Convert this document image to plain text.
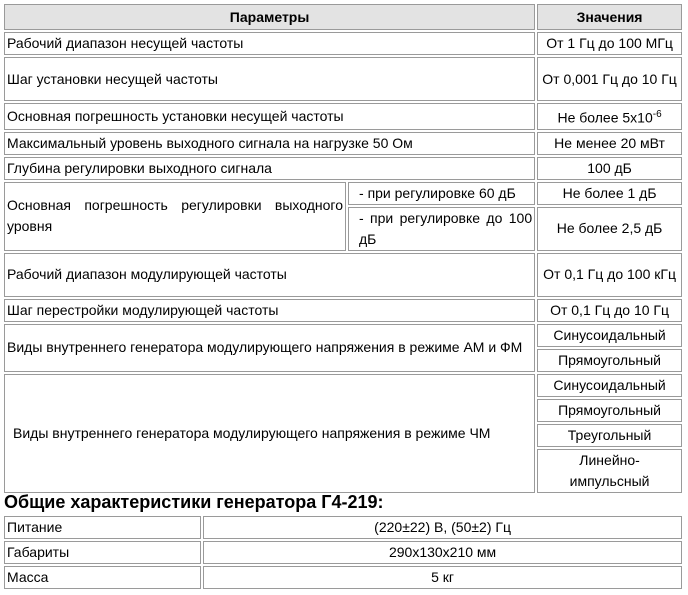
Параметры		Значения
Рабочий диапазон несущей частоты		От 1 Гц до 100 МГц
Шаг установки несущей частоты		От 0,001 Гц до 10 Гц
Основная погрешность установки несущей частоты		Не более $5х10^{-6}$
Максимальный уровень выходного сигнала на нагрузке 50 Ом		Не менее 20 мВт
Глубина регулировки выходного сигнала		100 дБ
Основная погрешность регулировки выходного уровня	- при регулировке 60 дБ	Не более 1 дБ
	- при регулировке до 100 дБ	Не более 2,5 дБ
Рабочий диапазон модулирующей частоты		От 0,1 Гц до 100 кГц
Шаг перестройки модулирующей частоты		От 0,1 Гц до 10 Гц
Виды внутреннего генератора модулирующего напряжения в режиме АМ и ФМ		Синусоидальный
		Прямоугольный
Виды внутреннего генератора модулирующего напряжения в режиме ЧМ		Синусоидальный
		Прямоугольный
		Треугольный
		Линейно-импульсный
Общие характеристики генератора Г4-219:
Питание	(220±22) В, (50±2) Гц
Габариты	290х130х210 мм
Масса	5 кг
